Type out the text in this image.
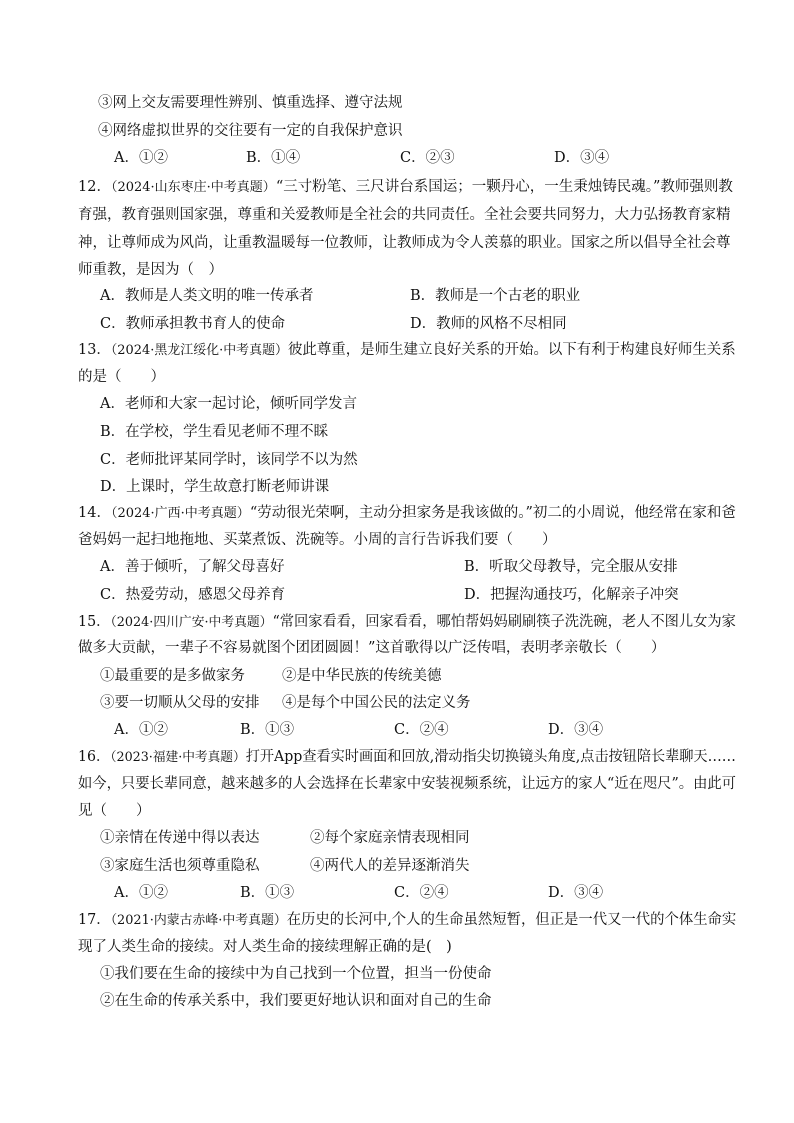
③网上交友需要理性辨别、慎重选择、遵守法规
④网络虚拟世界的交往要有一定的自我保护意识
A．①②	B．①④	C．②③	D．③④
12．（2024·山东枣庄·中考真题）“三寸粉笔、三尺讲台系国运；一颗丹心，一生秉烛铸民魂。”教师强则教
育强，教育强则国家强，尊重和关爱教师是全社会的共同责任。全社会要共同努力，大力弘扬教育家精
神，让尊师成为风尚，让重教温暖每一位教师，让教师成为令人羡慕的职业。国家之所以倡导全社会尊
师重教，是因为（　）
A．教师是人类文明的唯一传承者	B．教师是一个古老的职业
C．教师承担教书育人的使命	D．教师的风格不尽相同
13．（2024·黑龙江绥化·中考真题）彼此尊重，是师生建立良好关系的开始。以下有利于构建良好师生关系
的是（　　）
A．老师和大家一起讨论，倾听同学发言
B．在学校，学生看见老师不理不睬
C．老师批评某同学时，该同学不以为然
D．上课时，学生故意打断老师讲课
14．（2024·广西·中考真题）“劳动很光荣啊，主动分担家务是我该做的。”初二的小周说，他经常在家和爸
爸妈妈一起扫地拖地、买菜煮饭、洗碗等。小周的言行告诉我们要（　　）
A．善于倾听，了解父母喜好	B．听取父母教导，完全服从安排
C．热爱劳动，感恩父母养育	D．把握沟通技巧，化解亲子冲突
15．（2024·四川广安·中考真题）“常回家看看，回家看看，哪怕帮妈妈刷刷筷子洗洗碗，老人不图儿女为家
做多大贡献，一辈子不容易就图个团团圆圆！”这首歌得以广泛传唱，表明孝亲敬长（　　）
①最重要的是多做家务	②是中华民族的传统美德
③要一切顺从父母的安排 ④是每个中国公民的法定义务
A．①②	B．①③	C．②④	D．③④
16．（2023·福建·中考真题）打开App查看实时画面和回放,滑动指尖切换镜头角度,点击按钮陪长辈聊天……
如今，只要长辈同意，越来越多的人会选择在长辈家中安装视频系统，让远方的家人“近在咫尺”。由此可
见（　　）
①亲情在传递中得以表达	②每个家庭亲情表现相同
③家庭生活也须尊重隐私	④两代人的差异逐渐消失
A．①②	B．①③	C．②④	D．③④
17．（2021·内蒙古赤峰·中考真题）在历史的长河中,个人的生命虽然短暂，但正是一代又一代的个体生命实
现了人类生命的接续。对人类生命的接续理解正确的是(　)
①我们要在生命的接续中为自己找到一个位置，担当一份使命
②在生命的传承关系中，我们要更好地认识和面对自己的生命
